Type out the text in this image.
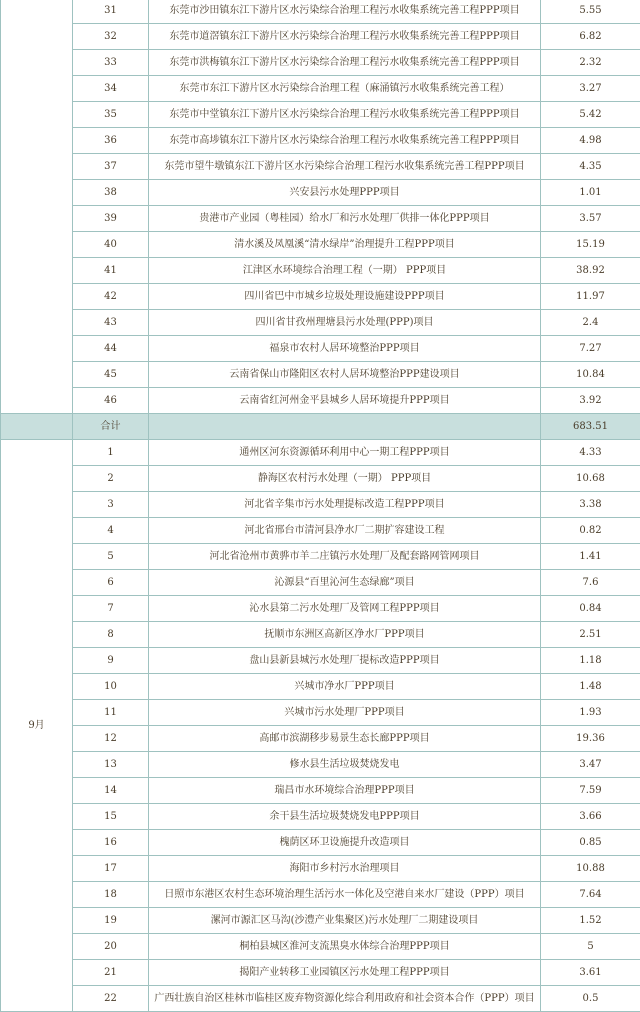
	31	东莞市沙田镇东江下游片区水污染综合治理工程污水收集系统完善工程PPP项目	5.55
	32	东莞市道滘镇东江下游片区水污染综合治理工程污水收集系统完善工程PPP项目	6.82
	33	东莞市洪梅镇东江下游片区水污染综合治理工程污水收集系统完善工程PPP项目	2.32
	34	东莞市东江下游片区水污染综合治理工程（麻涌镇污水收集系统完善工程）	3.27
	35	东莞市中堂镇东江下游片区水污染综合治理工程污水收集系统完善工程PPP项目	5.42
	36	东莞市高埗镇东江下游片区水污染综合治理工程污水收集系统完善工程PPP项目	4.98
	37	东莞市望牛墩镇东江下游片区水污染综合治理工程污水收集系统完善工程PPP项目	4.35
	38	兴安县污水处理PPP项目	1.01
	39	贵港市产业园（粤桂园）给水厂和污水处理厂供排一体化PPP项目	3.57
	40	清水溪及凤凰溪“清水绿岸”治理提升工程PPP项目	15.19
	41	江津区水环境综合治理工程（一期） PPP项目	38.92
	42	四川省巴中市城乡垃圾处理设施建设PPP项目	11.97
	43	四川省甘孜州理塘县污水处理(PPP)项目	2.4
	44	福泉市农村人居环境整治PPP项目	7.27
	45	云南省保山市隆阳区农村人居环境整治PPP建设项目	10.84
	46	云南省红河州金平县城乡人居环境提升PPP项目	3.92
	合计		683.51
9月	1	通州区河东资源循环利用中心一期工程PPP项目	4.33
	2	静海区农村污水处理（一期） PPP项目	10.68
	3	河北省辛集市污水处理提标改造工程PPP项目	3.38
	4	河北省邢台市清河县净水厂二期扩容建设工程	0.82
	5	河北省沧州市黄骅市羊二庄镇污水处理厂及配套路网管网项目	1.41
	6	沁源县“百里沁河生态绿廊”项目	7.6
	7	沁水县第二污水处理厂及管网工程PPP项目	0.84
	8	抚顺市东洲区高新区净水厂PPP项目	2.51
	9	盘山县新县城污水处理厂提标改造PPP项目	1.18
	10	兴城市净水厂PPP项目	1.48
	11	兴城市污水处理厂PPP项目	1.93
	12	高邮市滨湖移步易景生态长廊PPP项目	19.36
	13	修水县生活垃圾焚烧发电	3.47
	14	瑞昌市水环境综合治理PPP项目	7.59
	15	余干县生活垃圾焚烧发电PPP项目	3.66
	16	槐荫区环卫设施提升改造项目	0.85
	17	海阳市乡村污水治理项目	10.88
	18	日照市东港区农村生态环境治理生活污水一体化及空港自来水厂建设（PPP）项目	7.64
	19	漯河市源汇区马沟(沙澧产业集聚区)污水处理厂二期建设项目	1.52
	20	桐柏县城区淮河支流黑臭水体综合治理PPP项目	5
	21	揭阳产业转移工业园镇区污水处理工程PPP项目	3.61
	22	广西壮族自治区桂林市临桂区废弃物资源化综合利用政府和社会资本合作（PPP）项目	0.5
